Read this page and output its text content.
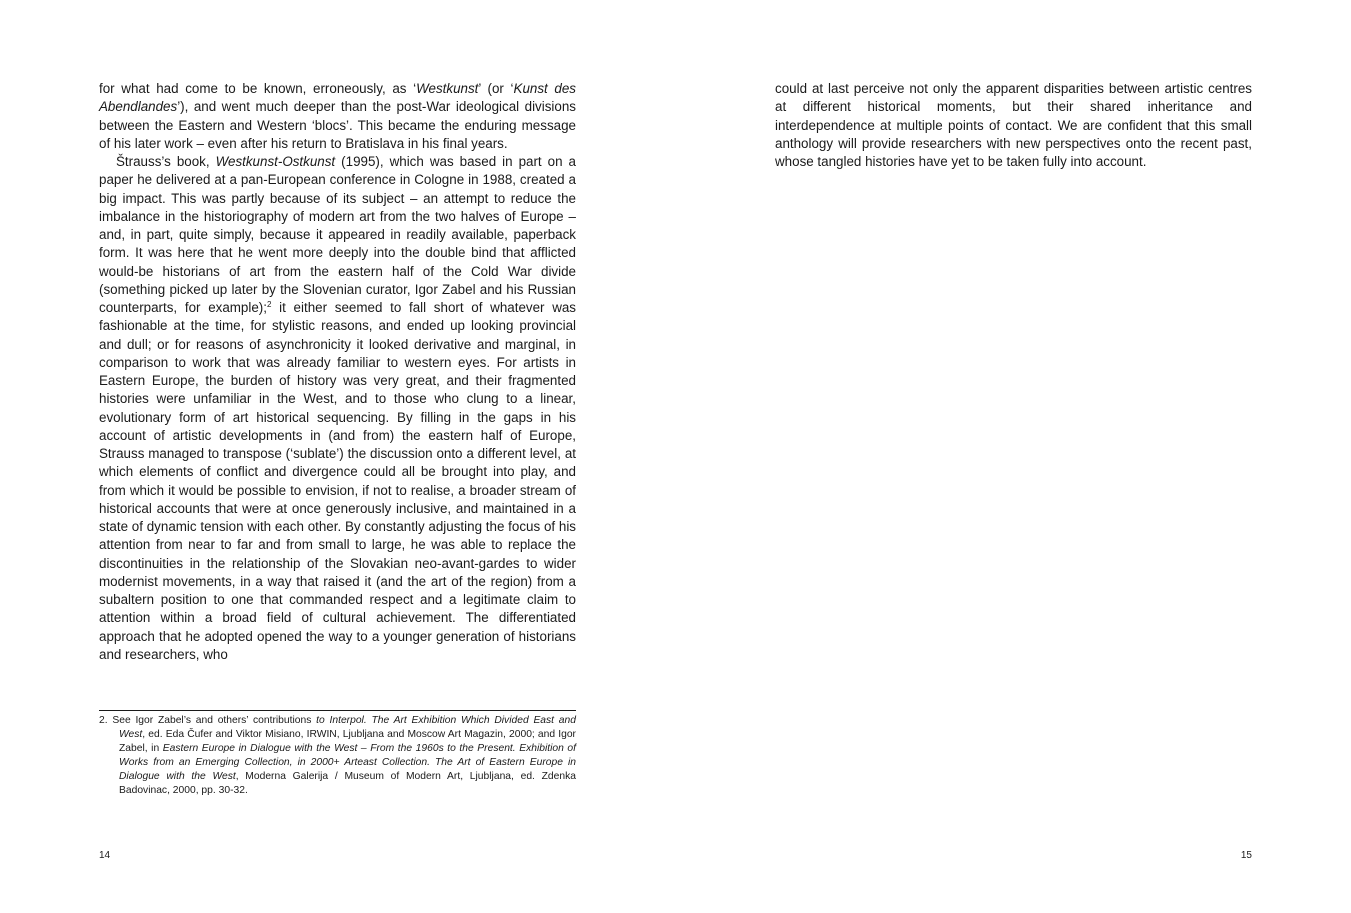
for what had come to be known, erroneously, as ‘Westkunst’ (or ‘Kunst des Abendlandes’), and went much deeper than the post-War ideological divisions between the Eastern and Western ‘blocs’. This became the enduring message of his later work – even after his return to Bratislava in his final years.

Štrauss’s book, Westkunst-Ostkunst (1995), which was based in part on a paper he delivered at a pan-European conference in Cologne in 1988, created a big impact. This was partly because of its subject – an attempt to reduce the imbalance in the historiography of modern art from the two halves of Europe – and, in part, quite simply, because it appeared in readily available, paperback form. It was here that he went more deeply into the double bind that afflicted would-be historians of art from the eastern half of the Cold War divide (something picked up later by the Slovenian curator, Igor Zabel and his Russian counterparts, for example);$^2$ it either seemed to fall short of whatever was fashionable at the time, for stylistic reasons, and ended up looking provincial and dull; or for reasons of asynchronicity it looked derivative and marginal, in comparison to work that was already familiar to western eyes. For artists in Eastern Europe, the burden of history was very great, and their fragmented histories were unfamiliar in the West, and to those who clung to a linear, evolutionary form of art historical sequencing. By filling in the gaps in his account of artistic developments in (and from) the eastern half of Europe, Strauss managed to transpose (‘sublate’) the discussion onto a different level, at which elements of conflict and divergence could all be brought into play, and from which it would be possible to envision, if not to realise, a broader stream of historical accounts that were at once generously inclusive, and maintained in a state of dynamic tension with each other. By constantly adjusting the focus of his attention from near to far and from small to large, he was able to replace the discontinuities in the relationship of the Slovakian neo-avant-gardes to wider modernist movements, in a way that raised it (and the art of the region) from a subaltern position to one that commanded respect and a legitimate claim to attention within a broad field of cultural achievement. The differentiated approach that he adopted opened the way to a younger generation of historians and researchers, who

2. See Igor Zabel’s and others’ contributions to Interpol. The Art Exhibition Which Divided East and West, ed. Eda Čufer and Viktor Misiano, IRWIN, Ljubljana and Moscow Art Magazin, 2000; and Igor Zabel, in Eastern Europe in Dialogue with the West – From the 1960s to the Present. Exhibition of Works from an Emerging Collection, in 2000+ Arteast Collection. The Art of Eastern Europe in Dialogue with the West, Moderna Galerija / Museum of Modern Art, Ljubljana, ed. Zdenka Badovinac, 2000, pp. 30-32.
14

could at last perceive not only the apparent disparities between artistic centres at different historical moments, but their shared inheritance and interdependence at multiple points of contact. We are confident that this small anthology will provide researchers with new perspectives onto the recent past, whose tangled histories have yet to be taken fully into account.

15
